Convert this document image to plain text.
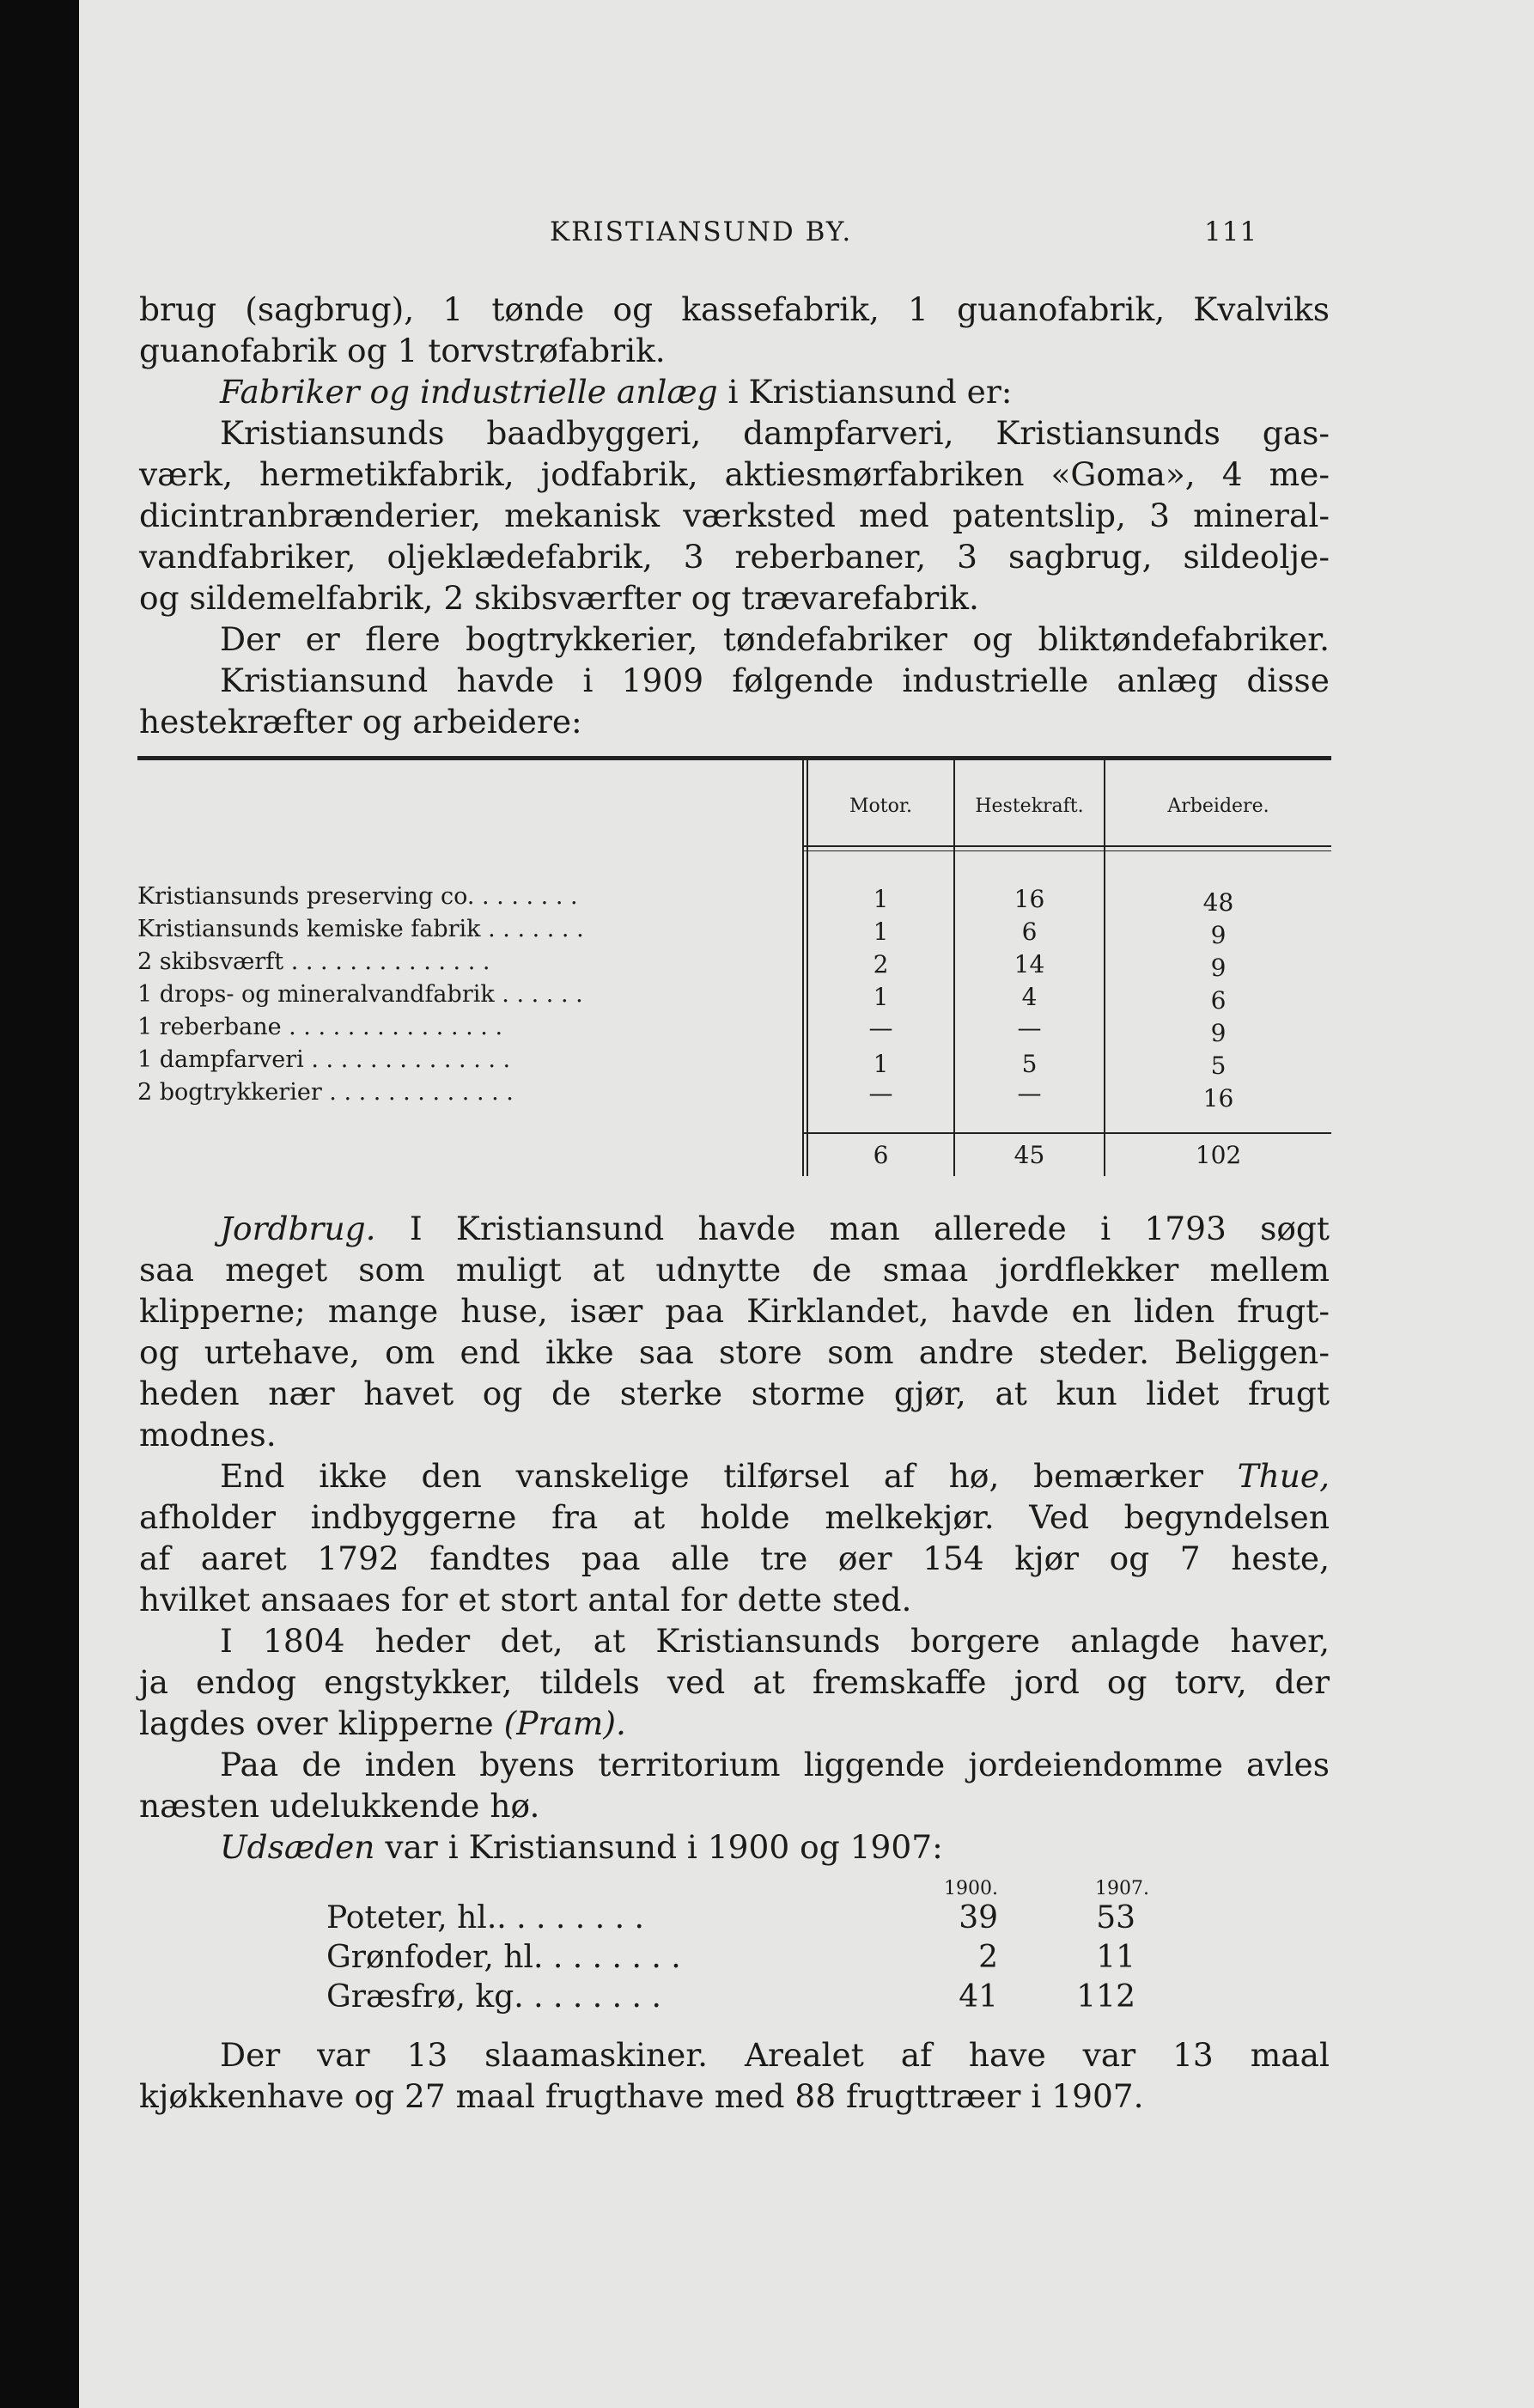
KRISTIANSUND BY.	111
brug (sagbrug), 1 tønde og kassefabrik, 1 guanofabrik, Kvalviks
guanofabrik og 1 torvstrøfabrik.
Fabriker og industrielle anlæg i Kristiansund er:
Kristiansunds baadbyggeri, dampfarveri, Kristiansunds gas-
værk, hermetikfabrik, jodfabrik, aktiesmørfabriken «Goma», 4 me-
dicintranbrænderier, mekanisk værksted med patentslip, 3 mineral-
vandfabriker, oljeklædefabrik, 3 reberbaner, 3 sagbrug, sildeolje-
og sildemelfabrik, 2 skibsværfter og trævarefabrik.
Der er flere bogtrykkerier, tøndefabriker og bliktøndefabriker.
Kristiansund havde i 1909 følgende industrielle anlæg disse
hestekræfter og arbeidere:
Motor.	Hestekraft.	Arbeidere.
Kristiansunds preserving co. . . . . . . .	1	16	48
Kristiansunds kemiske fabrik . . . . . . .	1	6	9
2 skibsværft . . . . . . . . . . . . . .	2	14	9
1 drops- og mineralvandfabrik . . . . . .	1	4	6
1 reberbane . . . . . . . . . . . . . . .	—	—	9
1 dampfarveri . . . . . . . . . . . . . .	1	5	5
2 bogtrykkerier . . . . . . . . . . . . .	—	—	16
6	45	102
Jordbrug. I Kristiansund havde man allerede i 1793 søgt
saa meget som muligt at udnytte de smaa jordflekker mellem
klipperne; mange huse, især paa Kirklandet, havde en liden frugt-
og urtehave, om end ikke saa store som andre steder. Beliggen-
heden nær havet og de sterke storme gjør, at kun lidet frugt
modnes.
End ikke den vanskelige tilførsel af hø, bemærker Thue,
afholder indbyggerne fra at holde melkekjør. Ved begyndelsen
af aaret 1792 fandtes paa alle tre øer 154 kjør og 7 heste,
hvilket ansaaes for et stort antal for dette sted.
I 1804 heder det, at Kristiansunds borgere anlagde haver,
ja endog engstykker, tildels ved at fremskaffe jord og torv, der
lagdes over klipperne (Pram).
Paa de inden byens territorium liggende jordeiendomme avles
næsten udelukkende hø.
Udsæden var i Kristiansund i 1900 og 1907:
1900.	1907.
Poteter, hl.. . . . . . . .	39	53
Grønfoder, hl. . . . . . . .	2	11
Græsfrø, kg. . . . . . . .	41	112
Der var 13 slaamaskiner. Arealet af have var 13 maal
kjøkkenhave og 27 maal frugthave med 88 frugttræer i 1907.
